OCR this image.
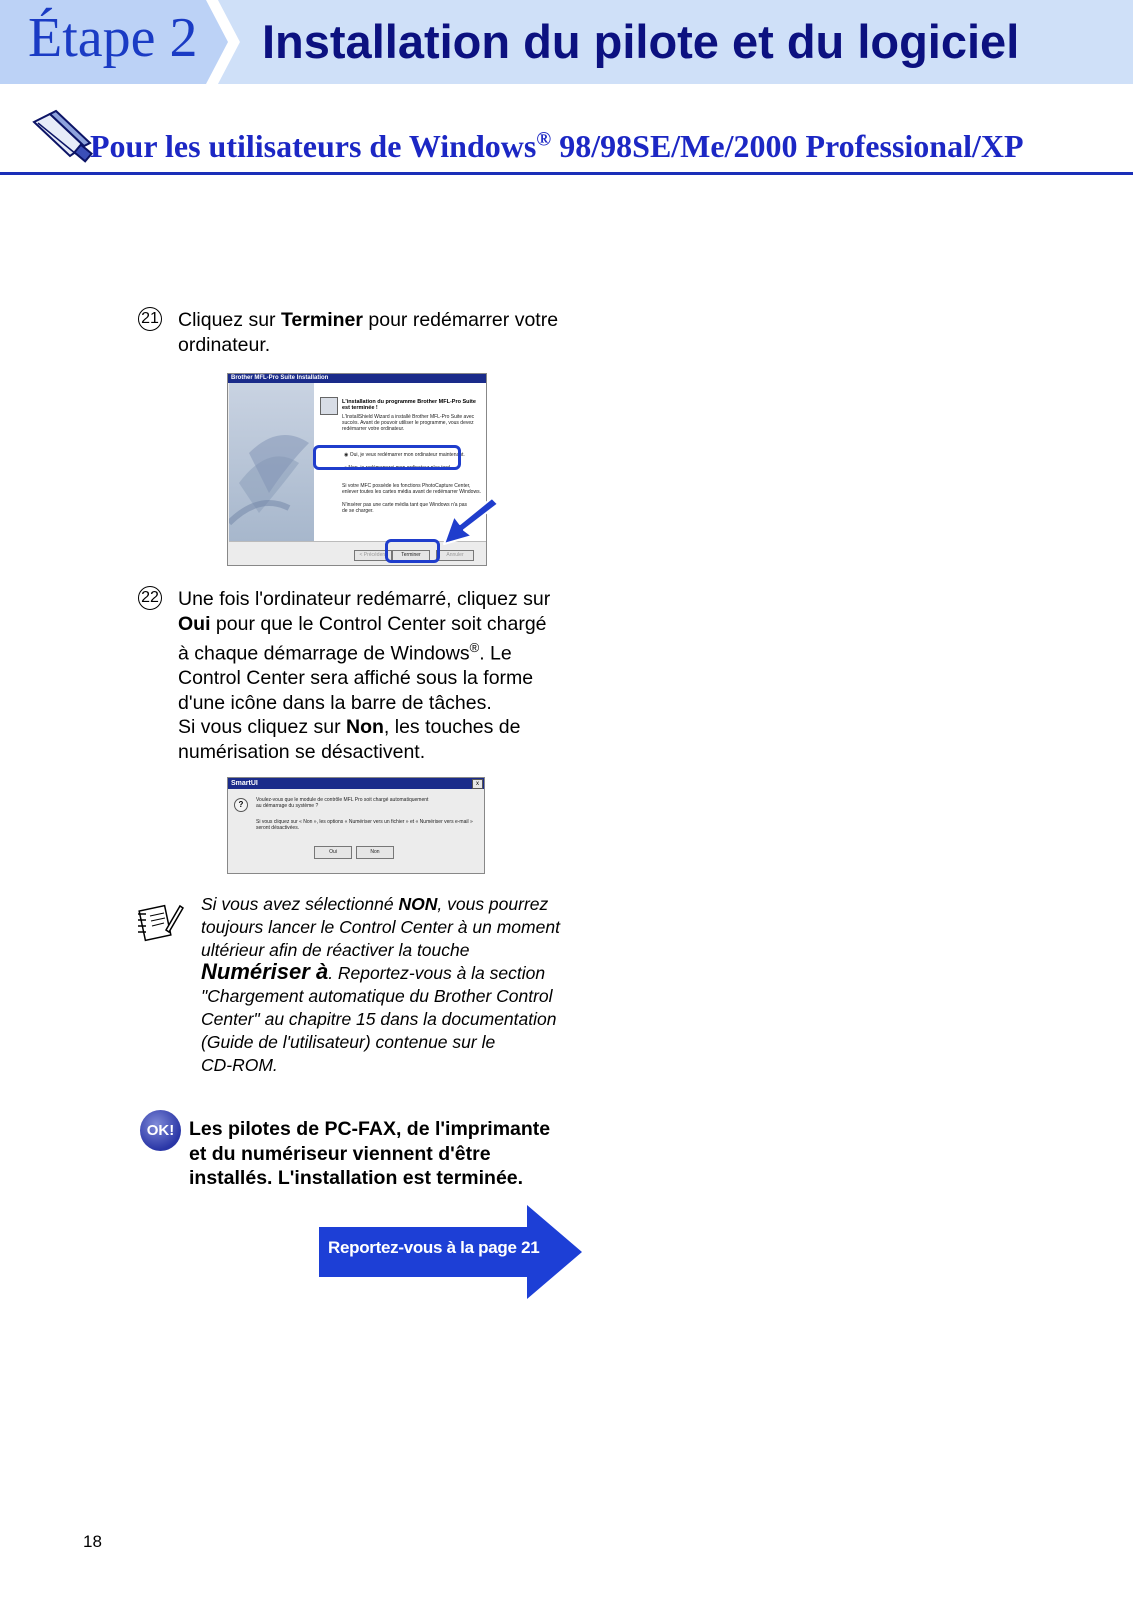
Étape 2 Installation du pilote et du logiciel
Pour les utilisateurs de Windows® 98/98SE/Me/2000 Professional/XP
21 Cliquez sur Terminer pour redémarrer votre
ordinateur.
Brother MFL-Pro Suite Installation
L'installation du programme Brother MFL-Pro Suite
est terminée !
L'InstallShield Wizard a installé Brother MFL-Pro Suite avec
succès. Avant de pouvoir utiliser le programme, vous devez
redémarrer votre ordinateur.
◉ Oui, je veux redémarrer mon ordinateur maintenant.
○ Non, je redémarrerai mon ordinateur plus tard.
Si votre MFC possède les fonctions PhotoCapture Center,
enlever toutes les cartes média avant de redémarrer Windows.
N'insérer pas une carte média tant que Windows n'a pas
de se charger.
< Précédent	Terminer	Annuler
22 Une fois l'ordinateur redémarré, cliquez sur
Oui pour que le Control Center soit chargé
à chaque démarrage de Windows®. Le
Control Center sera affiché sous la forme
d'une icône dans la barre de tâches.
Si vous cliquez sur Non, les touches de
numérisation se désactivent.
SmartUI	x
?	Voulez-vous que le module de contrôle MFL Pro soit chargé automatiquement
au démarrage du système ?
Si vous cliquez sur « Non », les options « Numériser vers un fichier » et « Numériser vers e-mail »
seront désactivées.
Oui	Non
Si vous avez sélectionné NON, vous pourrez
toujours lancer le Control Center à un moment
ultérieur afin de réactiver la touche
Numériser à. Reportez-vous à la section
"Chargement automatique du Brother Control
Center" au chapitre 15 dans la documentation
(Guide de l'utilisateur) contenue sur le
CD-ROM.
OK! Les pilotes de PC-FAX, de l'imprimante
et du numériseur viennent d'être
installés. L'installation est terminée.
Reportez-vous à la page 21
18
